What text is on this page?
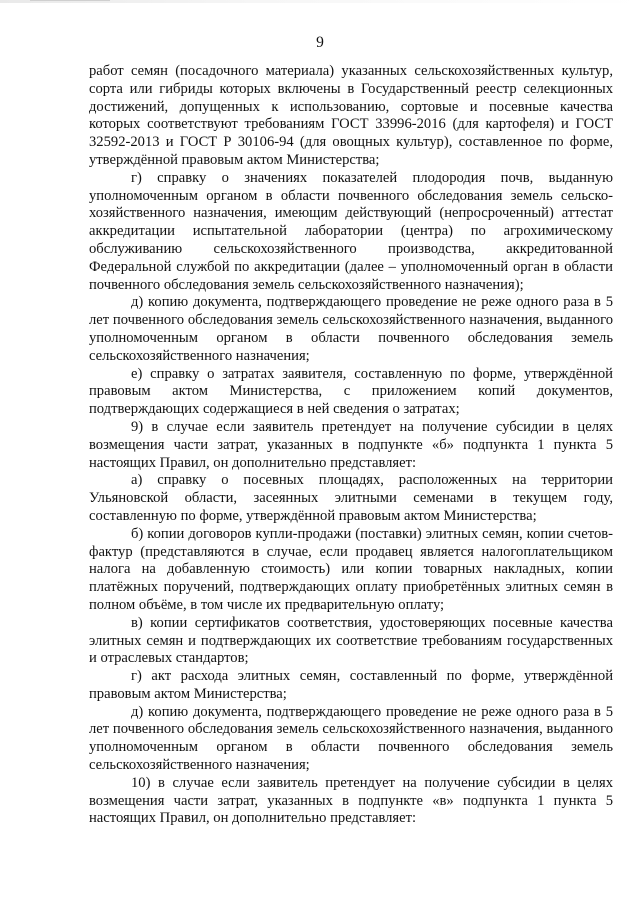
9

работ семян (посадочного материала) указанных сельскохозяйственных культур, сорта или гибриды которых включены в Государственный реестр селекционных достижений, допущенных к использованию, сортовые и посевные качества которых соответствуют требованиям ГОСТ 33996-2016 (для картофеля) и ГОСТ 32592-2013 и ГОСТ Р 30106-94 (для овощных культур), составленное по форме, утверждённой правовым актом Министерства;

г) справку о значениях показателей плодородия почв, выданную уполномоченным органом в области почвенного обследования земель сельскохозяйственного назначения, имеющим действующий (непросроченный) аттестат аккредитации испытательной лаборатории (центра) по агрохимическому обслуживанию сельскохозяйственного производства, аккредитованной Федеральной службой по аккредитации (далее – уполномоченный орган в области почвенного обследования земель сельскохозяйственного назначения);

д) копию документа, подтверждающего проведение не реже одного раза в 5 лет почвенного обследования земель сельскохозяйственного назначения, выданного уполномоченным органом в области почвенного обследования земель сельскохозяйственного назначения;

е) справку о затратах заявителя, составленную по форме, утверждённой правовым актом Министерства, с приложением копий документов, подтверждающих содержащиеся в ней сведения о затратах;

9) в случае если заявитель претендует на получение субсидии в целях возмещения части затрат, указанных в подпункте «б» подпункта 1 пункта 5 настоящих Правил, он дополнительно представляет:

а) справку о посевных площадях, расположенных на территории Ульяновской области, засеянных элитными семенами в текущем году, составленную по форме, утверждённой правовым актом Министерства;

б) копии договоров купли-продажи (поставки) элитных семян, копии счетов-фактур (представляются в случае, если продавец является налогоплательщиком налога на добавленную стоимость) или копии товарных накладных, копии платёжных поручений, подтверждающих оплату приобретённых элитных семян в полном объёме, в том числе их предварительную оплату;

в) копии сертификатов соответствия, удостоверяющих посевные качества элитных семян и подтверждающих их соответствие требованиям государственных и отраслевых стандартов;

г) акт расхода элитных семян, составленный по форме, утверждённой правовым актом Министерства;

д) копию документа, подтверждающего проведение не реже одного раза в 5 лет почвенного обследования земель сельскохозяйственного назначения, выданного уполномоченным органом в области почвенного обследования земель сельскохозяйственного назначения;

10) в случае если заявитель претендует на получение субсидии в целях возмещения части затрат, указанных в подпункте «в» подпункта 1 пункта 5 настоящих Правил, он дополнительно представляет:
